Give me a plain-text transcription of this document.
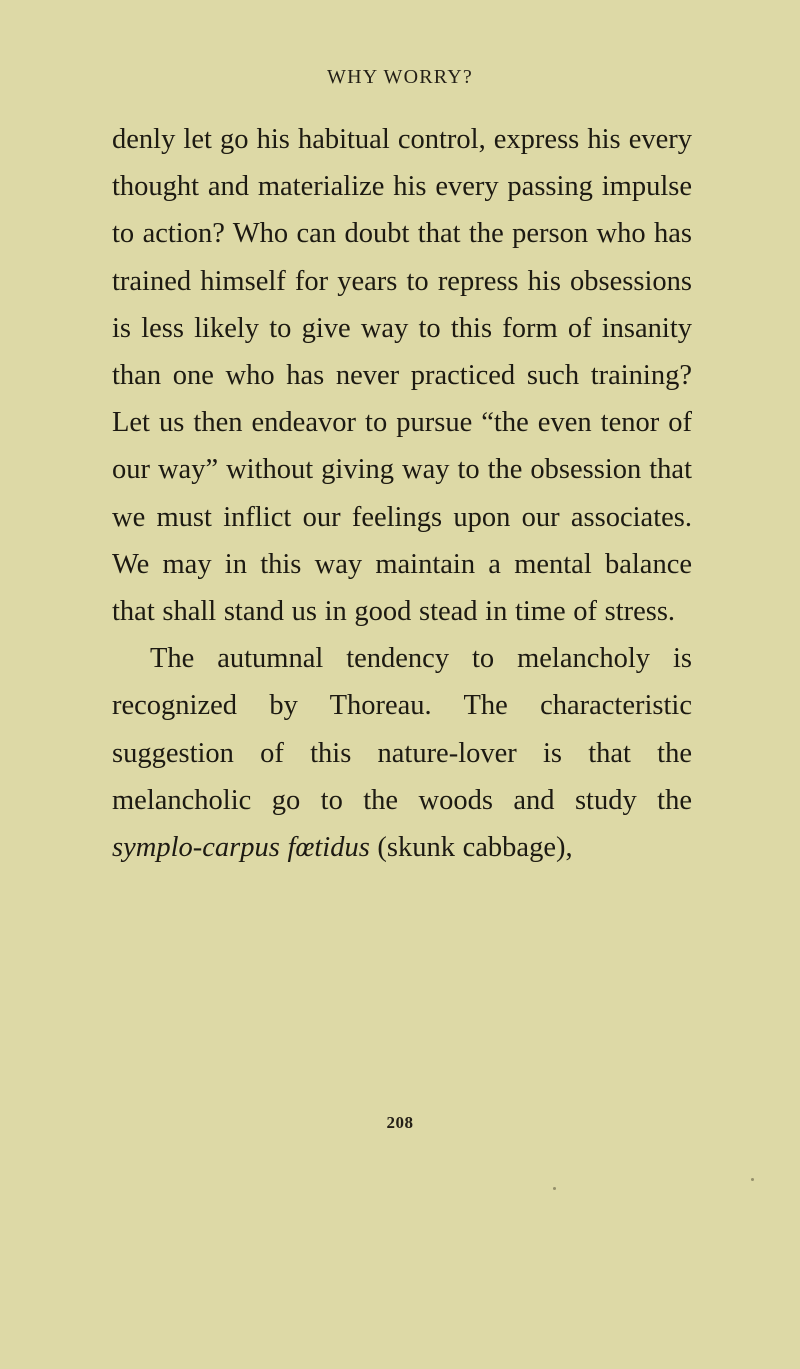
WHY WORRY?

denly let go his habitual control, express his every thought and materialize his every passing impulse to action? Who can doubt that the person who has trained himself for years to repress his obsessions is less likely to give way to this form of insanity than one who has never practiced such training? Let us then endeavor to pursue “the even tenor of our way” without giving way to the obsession that we must inflict our feelings upon our associates. We may in this way maintain a mental balance that shall stand us in good stead in time of stress.

The autumnal tendency to melancholy is recognized by Thoreau. The characteristic suggestion of this nature-lover is that the melancholic go to the woods and study the symplo-carpus fœtidus (skunk cabbage),

208
